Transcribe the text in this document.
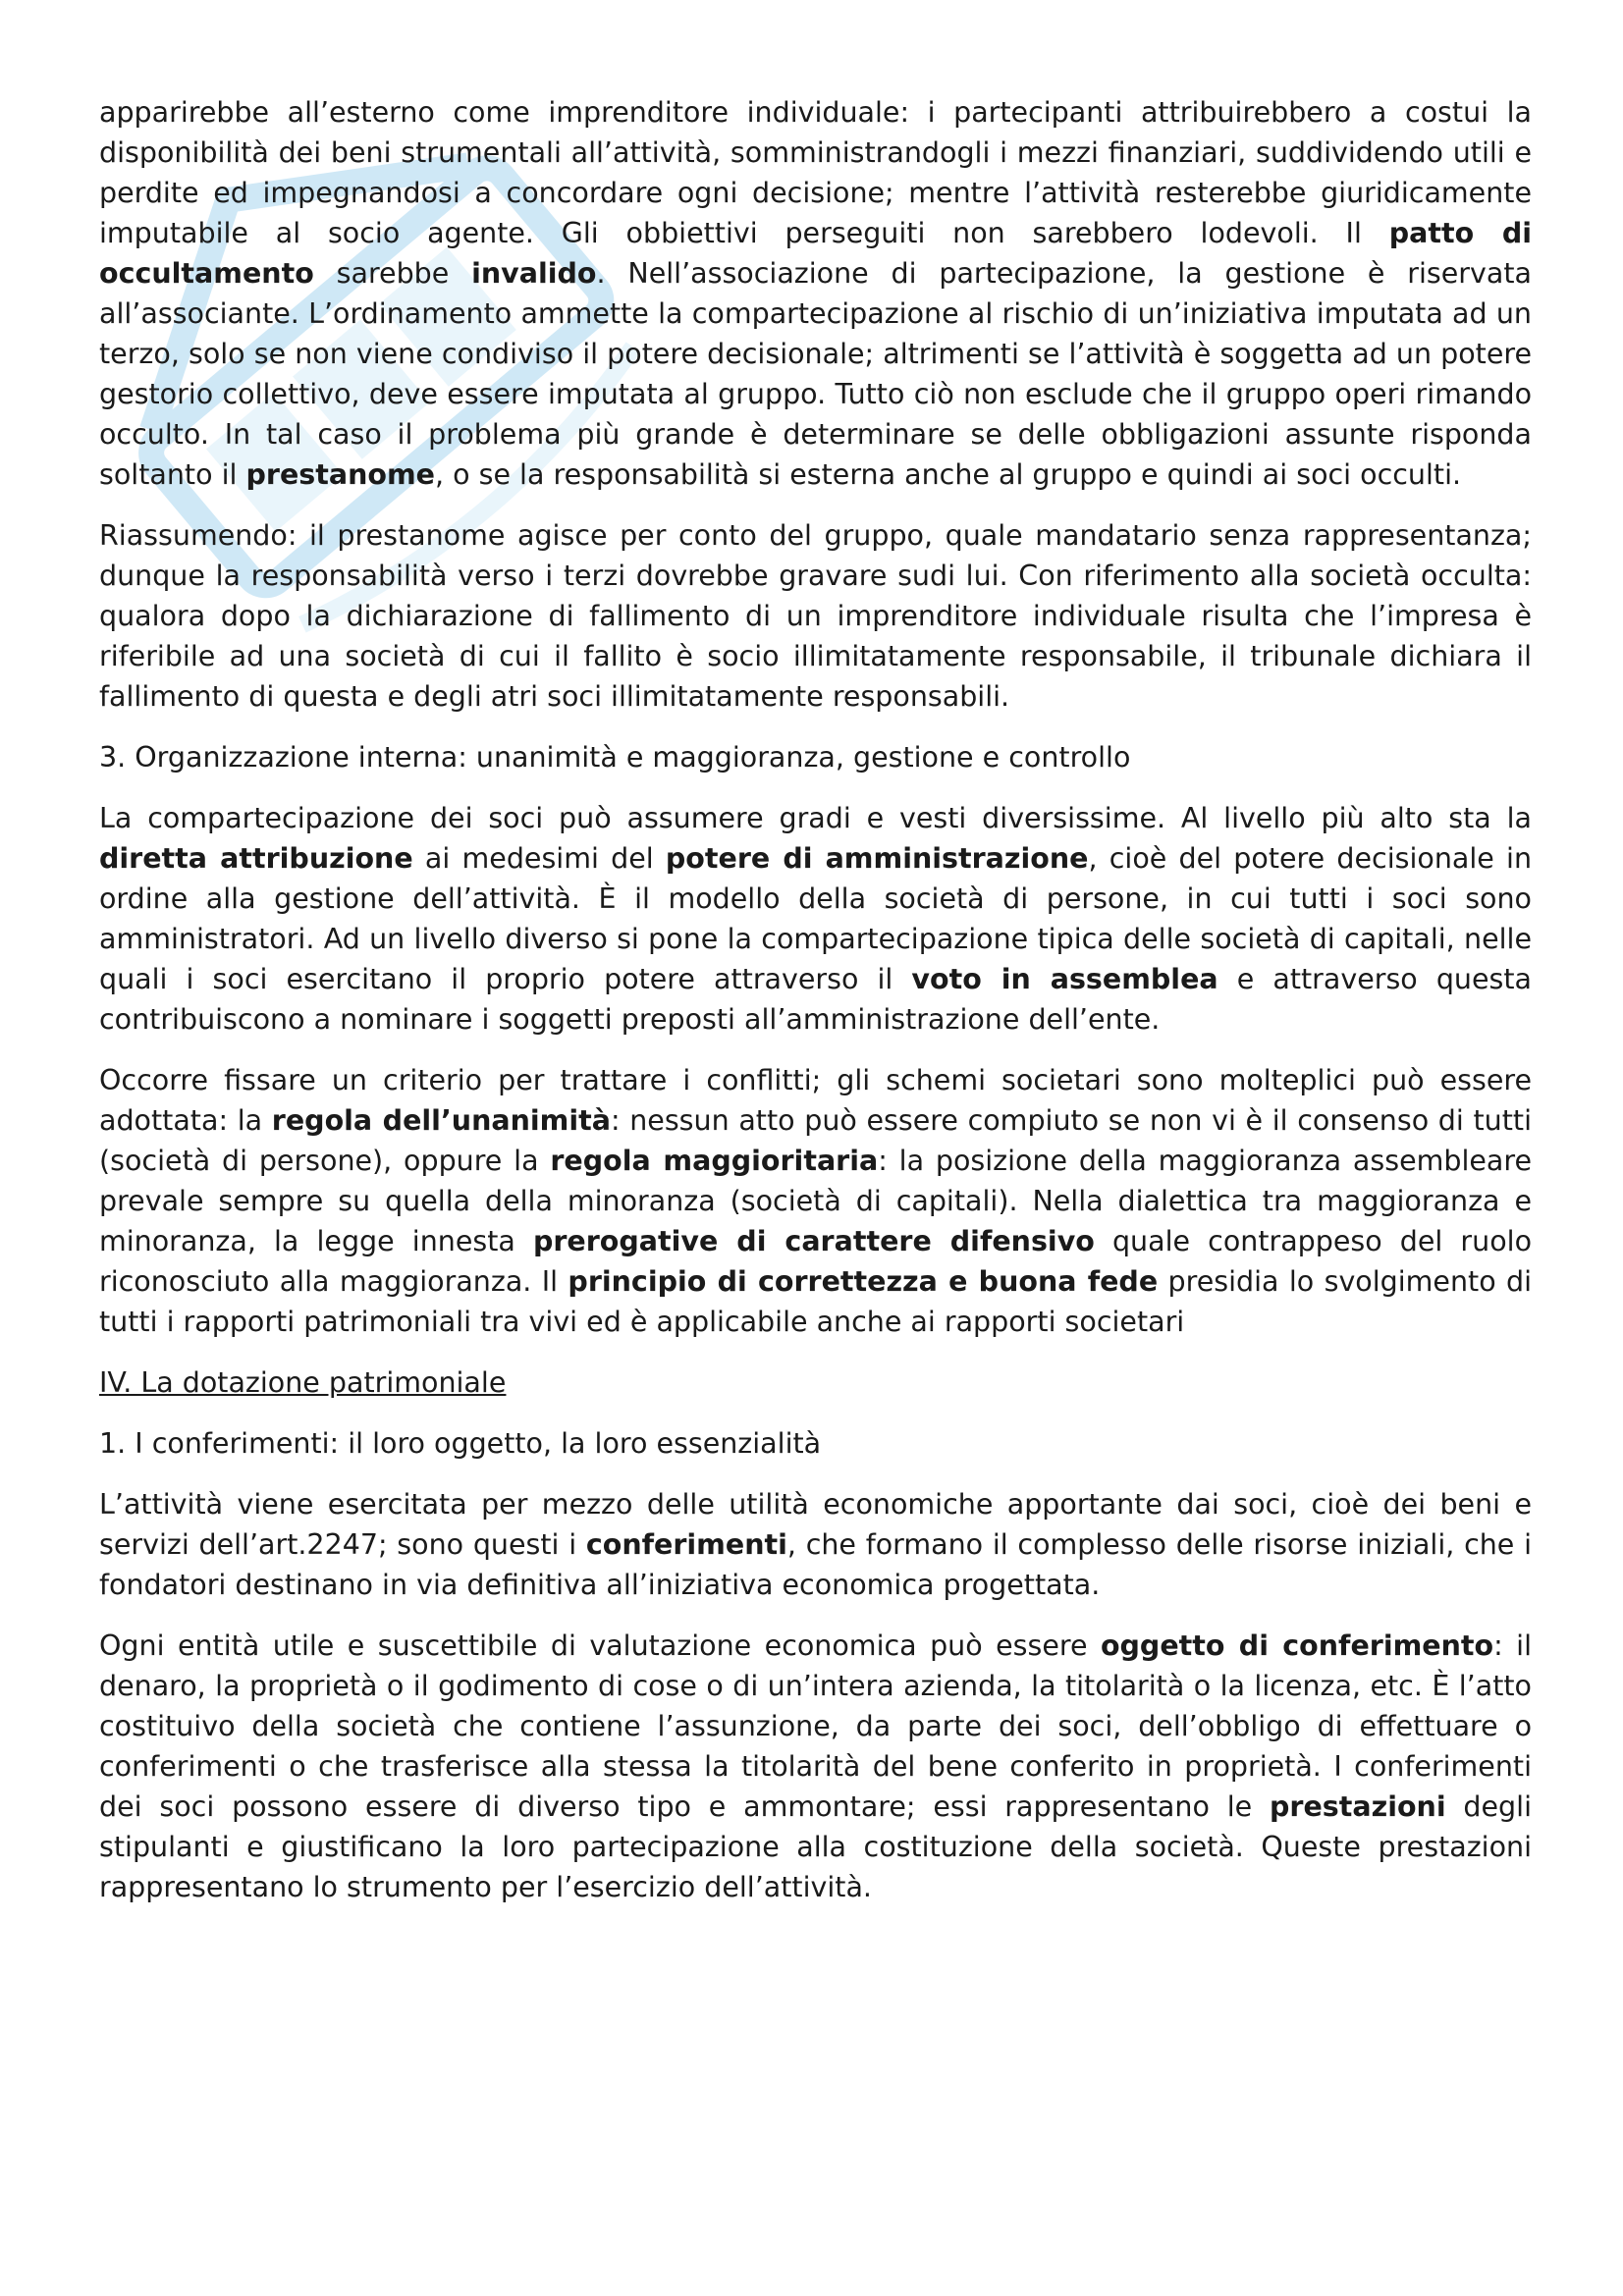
apparirebbe all’esterno come imprenditore individuale: i partecipanti attribuirebbero a costui la disponibilità dei beni strumentali all’attività, somministrandogli i mezzi finanziari, suddividendo utili e perdite ed impegnandosi a concordare ogni decisione; mentre l’attività resterebbe giuridicamente imputabile al socio agente. Gli obbiettivi perseguiti non sarebbero lodevoli. Il patto di occultamento sarebbe invalido. Nell’associazione di partecipazione, la gestione è riservata all’associante. L’ordinamento ammette la compartecipazione al rischio di un’iniziativa imputata ad un terzo, solo se non viene condiviso il potere decisionale; altrimenti se l’attività è soggetta ad un potere gestorio collettivo, deve essere imputata al gruppo. Tutto ciò non esclude che il gruppo operi rimando occulto. In tal caso il problema più grande è determinare se delle obbligazioni assunte risponda soltanto il prestanome, o se la responsabilità si esterna anche al gruppo e quindi ai soci occulti.

Riassumendo: il prestanome agisce per conto del gruppo, quale mandatario senza rappresentanza; dunque la responsabilità verso i terzi dovrebbe gravare sudi lui. Con riferimento alla società occulta: qualora dopo la dichiarazione di fallimento di un imprenditore individuale risulta che l’impresa è riferibile ad una società di cui il fallito è socio illimitatamente responsabile, il tribunale dichiara il fallimento di questa e degli atri soci illimitatamente responsabili.

3. Organizzazione interna: unanimità e maggioranza, gestione e controllo

La compartecipazione dei soci può assumere gradi e vesti diversissime. Al livello più alto sta la diretta attribuzione ai medesimi del potere di amministrazione, cioè del potere decisionale in ordine alla gestione dell’attività. È il modello della società di persone, in cui tutti i soci sono amministratori. Ad un livello diverso si pone la compartecipazione tipica delle società di capitali, nelle quali i soci esercitano il proprio potere attraverso il voto in assemblea e attraverso questa contribuiscono a nominare i soggetti preposti all’amministrazione dell’ente.

Occorre fissare un criterio per trattare i conflitti; gli schemi societari sono molteplici può essere adottata: la regola dell’unanimità: nessun atto può essere compiuto se non vi è il consenso di tutti (società di persone), oppure la regola maggioritaria: la posizione della maggioranza assembleare prevale sempre su quella della minoranza (società di capitali). Nella dialettica tra maggioranza e minoranza, la legge innesta prerogative di carattere difensivo quale contrappeso del ruolo riconosciuto alla maggioranza. Il principio di correttezza e buona fede presidia lo svolgimento di tutti i rapporti patrimoniali tra vivi ed è applicabile anche ai rapporti societari

IV. La dotazione patrimoniale

1. I conferimenti: il loro oggetto, la loro essenzialità

L’attività viene esercitata per mezzo delle utilità economiche apportante dai soci, cioè dei beni e servizi dell’art.2247; sono questi i conferimenti, che formano il complesso delle risorse iniziali, che i fondatori destinano in via definitiva all’iniziativa economica progettata.

Ogni entità utile e suscettibile di valutazione economica può essere oggetto di conferimento: il denaro, la proprietà o il godimento di cose o di un’intera azienda, la titolarità o la licenza, etc. È l’atto costituivo della società che contiene l’assunzione, da parte dei soci, dell’obbligo di effettuare o conferimenti o che trasferisce alla stessa la titolarità del bene conferito in proprietà. I conferimenti dei soci possono essere di diverso tipo e ammontare; essi rappresentano le prestazioni degli stipulanti e giustificano la loro partecipazione alla costituzione della società. Queste prestazioni rappresentano lo strumento per l’esercizio dell’attività.
